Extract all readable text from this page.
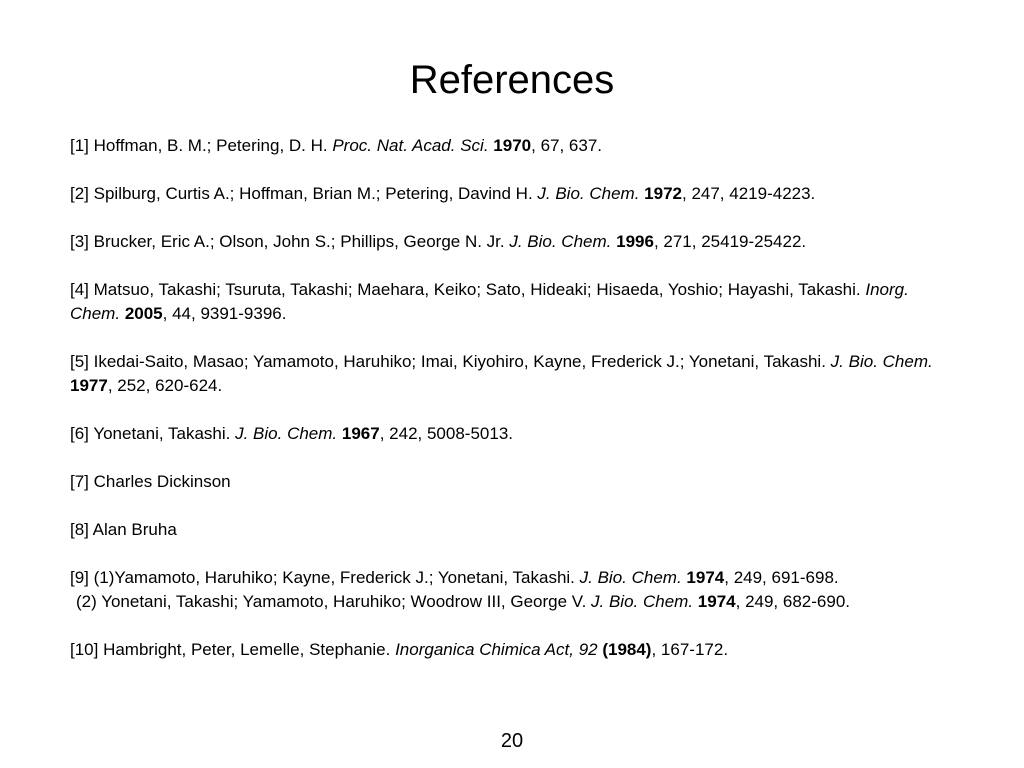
References

[1] Hoffman, B. M.; Petering, D. H. Proc. Nat. Acad. Sci. 1970, 67, 637.

[2] Spilburg, Curtis A.; Hoffman, Brian M.; Petering, Davind H. J. Bio. Chem. 1972, 247, 4219-4223.

[3] Brucker, Eric A.; Olson, John S.; Phillips, George N. Jr. J. Bio. Chem. 1996, 271, 25419-25422.

[4] Matsuo, Takashi; Tsuruta, Takashi; Maehara, Keiko; Sato, Hideaki; Hisaeda, Yoshio; Hayashi, Takashi. Inorg. Chem. 2005, 44, 9391-9396.

[5] Ikedai-Saito, Masao; Yamamoto, Haruhiko; Imai, Kiyohiro, Kayne, Frederick J.; Yonetani, Takashi. J. Bio. Chem. 1977, 252, 620-624.

[6] Yonetani, Takashi. J. Bio. Chem. 1967, 242, 5008-5013.

[7] Charles Dickinson

[8] Alan Bruha

[9] (1)Yamamoto, Haruhiko; Kayne, Frederick J.; Yonetani, Takashi. J. Bio. Chem. 1974, 249, 691-698.
(2) Yonetani, Takashi; Yamamoto, Haruhiko; Woodrow III, George V. J. Bio. Chem. 1974, 249, 682-690.

[10] Hambright, Peter, Lemelle, Stephanie. Inorganica Chimica Act, 92 (1984), 167-172.

20
